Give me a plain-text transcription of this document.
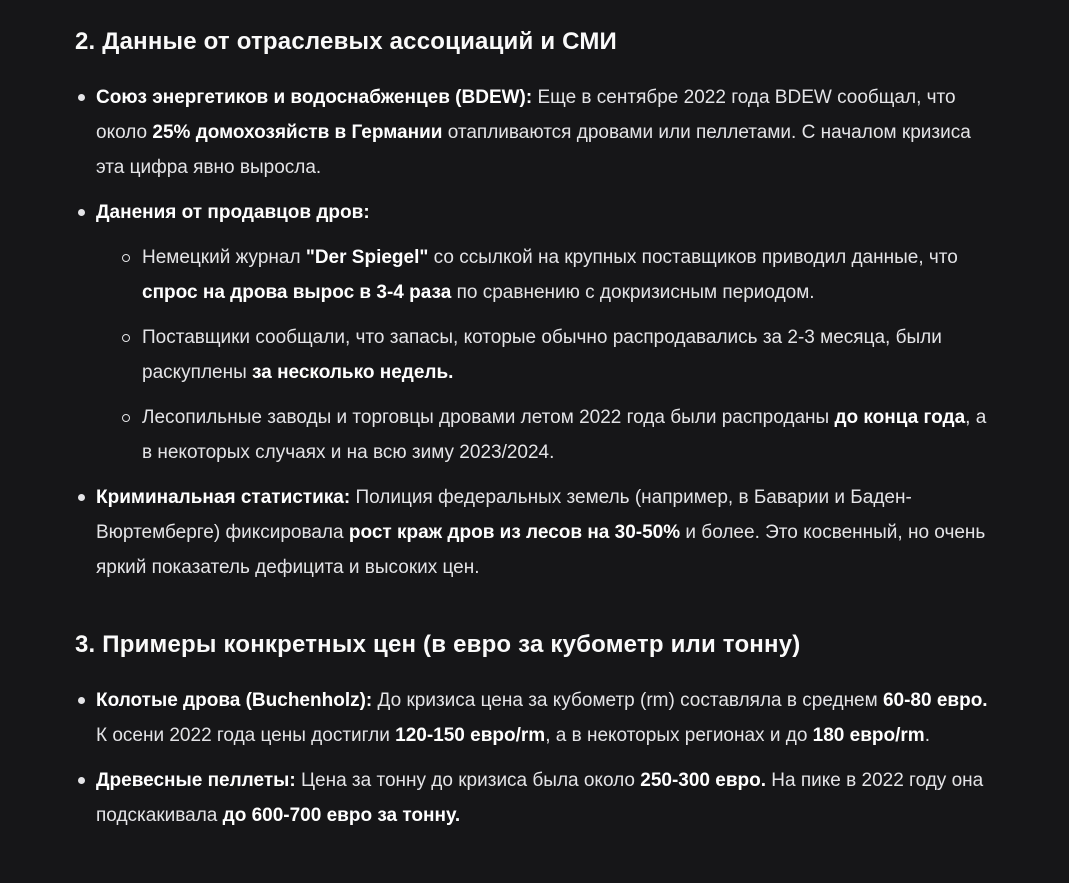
2. Данные от отраслевых ассоциаций и СМИ

Союз энергетиков и водоснабженцев (BDEW): Еще в сентябре 2022 года BDEW сообщал, что около 25% домохозяйств в Германии отапливаются дровами или пеллетами. С началом кризиса эта цифра явно выросла.

Данения от продавцов дров:

Немецкий журнал "Der Spiegel" со ссылкой на крупных поставщиков приводил данные, что спрос на дрова вырос в 3-4 раза по сравнению с докризисным периодом.

Поставщики сообщали, что запасы, которые обычно распродавались за 2-3 месяца, были раскуплены за несколько недель.

Лесопильные заводы и торговцы дровами летом 2022 года были распроданы до конца года, а в некоторых случаях и на всю зиму 2023/2024.

Криминальная статистика: Полиция федеральных земель (например, в Баварии и Баден-Вюртемберге) фиксировала рост краж дров из лесов на 30-50% и более. Это косвенный, но очень яркий показатель дефицита и высоких цен.

3. Примеры конкретных цен (в евро за кубометр или тонну)

Колотые дрова (Buchenholz): До кризиса цена за кубометр (rm) составляла в среднем 60-80 евро. К осени 2022 года цены достигли 120-150 евро/rm, а в некоторых регионах и до 180 евро/rm.

Древесные пеллеты: Цена за тонну до кризиса была около 250-300 евро. На пике в 2022 году она подскакивала до 600-700 евро за тонну.
